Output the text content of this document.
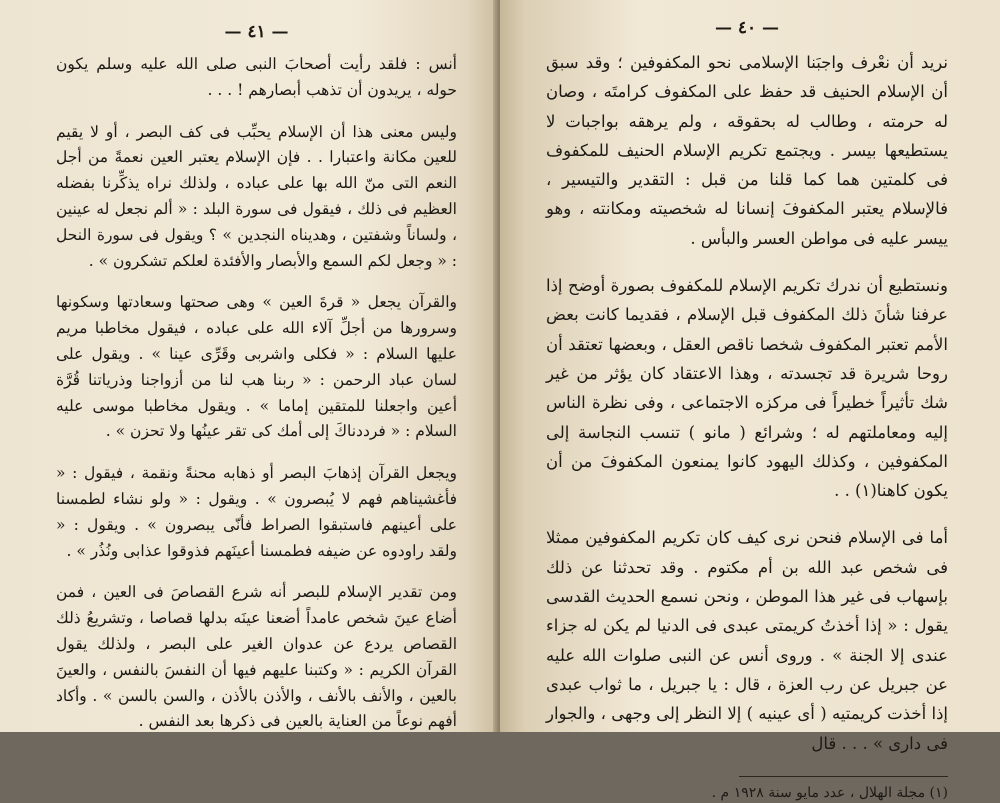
— ٤١ —

أنس : فلقد رأيت أصحابَ النبى صلى الله عليه وسلم يكون حوله ، يريدون أن تذهب أبصارهم ! . . .

وليس معنى هذا أن الإسلام يحبِّب فى كف البصر ، أو لا يقيم للعين مكانة واعتبارا . . فإن الإسلام يعتبر العين نعمةً من أجل النعم التى منّ الله بها على عباده ، ولذلك نراه يذكِّرنا بفضله العظيم فى ذلك ، فيقول فى سورة البلد : « ألم نجعل له عينين ، ولساناً وشفتين ، وهديناه النجدين » ؟ ويقول فى سورة النحل : « وجعل لكم السمع والأبصار والأفئدة لعلكم تشكرون » .

والقرآن يجعل « قرةَ العين » وهى صحتها وسعادتها وسكونها وسرورها من أجلِّ آلاء الله على عباده ، فيقول مخاطبا مريم عليها السلام : « فكلى واشربى وقَرِّى عينا » . ويقول على لسان عباد الرحمن : « ربنا هب لنا من أزواجنا وذرياتنا قُرَّة أعين واجعلنا للمتقين إماما » . ويقول مخاطبا موسى عليه السلام : « فرددناكَ إلى أمك كى تقر عينُها ولا تحزن » .

ويجعل القرآن إذهابَ البصر أو ذهابه محنةً ونقمة ، فيقول : « فأغشيناهم فهم لا يُبصرون » . ويقول : « ولو نشاء لطمسنا على أعينهم فاستبقوا الصراط فأنّى يبصرون » . ويقول : « ولقد راودوه عن ضيفه فطمسنا أعينَهم فذوقوا عذابى ونُذُر » .

ومن تقدير الإسلام للبصر أنه شرع القصاصَ فى العين ، فمن أضاع عينَ شخص عامداً أضعنا عينَه بدلها قصاصا ، وتشريعُ ذلك القصاص يردع عن عدوان الغير على البصر ، ولذلك يقول القرآن الكريم : « وكتبنا عليهم فيها أن النفسَ بالنفس ، والعينَ بالعين ، والأنف بالأنف ، والأذن بالأذن ، والسن بالسن » . وأكاد أفهم نوعاً من العناية بالعين فى ذكرها بعد النفس .

— ٤٠ —

نريد أن نعْرف واجبَنا الإسلامى نحو المكفوفين ؛ وقد سبق أن الإسلام الحنيف قد حفظ على المكفوف كرامتَه ، وصان له حرمته ، وطالب له بحقوقه ، ولم يرهقه بواجبات لا يستطيعها بيسر . ويجتمع تكريم الإسلام الحنيف للمكفوف فى كلمتين هما كما قلنا من قبل : التقدير والتيسير ، فالإسلام يعتبر المكفوفَ إنسانا له شخصيته ومكانته ، وهو ييسر عليه فى مواطن العسر والبأس .

ونستطيع أن ندرك تكريم الإسلام للمكفوف بصورة أوضح إذا عرفنا شأنَ ذلك المكفوف قبل الإسلام ، فقديما كانت بعض الأمم تعتبر المكفوف شخصا ناقص العقل ، وبعضها تعتقد أن روحا شريرة قد تجسدته ، وهذا الاعتقاد كان يؤثر من غير شك تأثيراً خطيراً فى مركزه الاجتماعى ، وفى نظرة الناس إليه ومعاملتهم له ؛ وشرائع ( مانو ) تنسب النجاسة إلى المكفوفين ، وكذلك اليهود كانوا يمنعون المكفوفَ من أن يكون كاهنا(١) . .

أما فى الإسلام فنحن نرى كيف كان تكريم المكفوفين ممثلا فى شخص عبد الله بن أم مكتوم . وقد تحدثنا عن ذلك بإسهاب فى غير هذا الموطن ، ونحن نسمع الحديث القدسى يقول : « إذا أخذتُ كريمتى عبدى فى الدنيا لم يكن له جزاء عندى إلا الجنة » . وروى أنس عن النبى صلوات الله عليه عن جبريل عن رب العزة ، قال : يا جبريل ، ما ثواب عبدى إذا أخذت كريمتيه ( أى عينيه ) إلا النظر إلى وجهى ، والجوار فى دارى » . . . قال

(١) مجلة الهلال ، عدد مايو سنة ١٩٢٨ م .
